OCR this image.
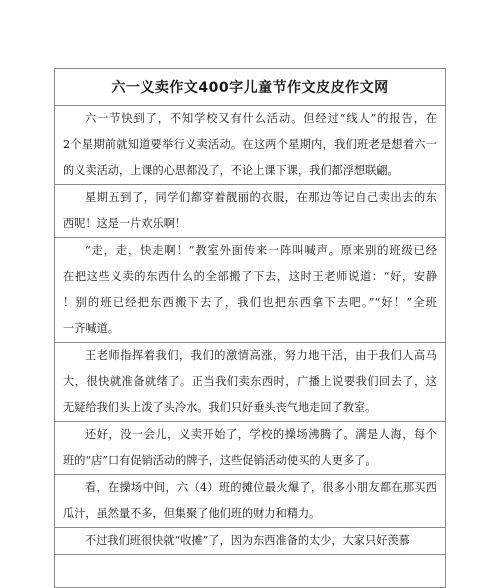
六一义卖作文400字儿童节作文皮皮作文网
六一节快到了，不知学校又有什么活动。但经过“线人”的报告，在
2个星期前就知道要举行义卖活动。在这两个星期内，我们班老是想着六一
的义卖活动，上课的心思都没了，不论上课下课，我们都浮想联翩。
星期五到了，同学们都穿着靓丽的衣服，在那边等记自己卖出去的东
西呢！这是一片欢乐啊！
“走，走，快走啊！”教室外面传来一阵叫喊声。原来别的班级已经
在把这些义卖的东西什么的全部搬了下去，这时王老师说道：“好，安静
！别的班已经把东西搬下去了，我们也把东西拿下去吧。”“好！”全班
一齐喊道。
王老师指挥着我们，我们的激情高涨，努力地干活，由于我们人高马
大，很快就准备就绪了。正当我们卖东西时，广播上说要我们回去了，这
无疑给我们头上泼了头冷水。我们只好垂头丧气地走回了教室。
还好，没一会儿，义卖开始了，学校的操场沸腾了。满是人海，每个
班的“店”口有促销活动的牌子，这些促销活动使买的人更多了。
看，在操场中间，六（4）班的摊位最火爆了，很多小朋友都在那买西
瓜汁，虽然量不多，但集聚了他们班的财力和精力。
不过我们班很快就“收摊”了，因为东西准备的太少，大家只好羡慕
